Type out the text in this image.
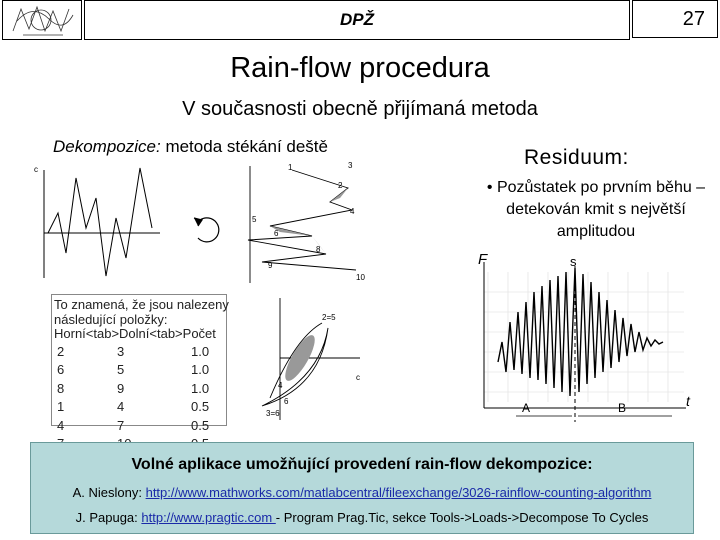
DPŽ	27
Rain-flow procedura
V současnosti obecně přijímaná metoda
Dekompozice: metoda stékání deště
c	1	3
2
4
5
6
8
9
10
2=5
4
6
3=6
c
To znamená, že jsou nalezeny
následující položky:
Horní<tab>Dolní<tab>Počet
2	3	1.0
6	5	1.0
8	9	1.0
1	4	0.5
4	7	0.5

Residuum:
• Pozůstatek po prvním běhu – detekován kmit s největší amplitudou
F	s
A	B	t
Volné aplikace umožňující provedení rain-flow dekompozice:
A. Nieslony: http://www.mathworks.com/matlabcentral/fileexchange/3026-rainflow-counting-algorithm
J. Papuga: http://www.pragtic.com - Program Prag.Tic, sekce Tools->Loads->Decompose To Cycles
